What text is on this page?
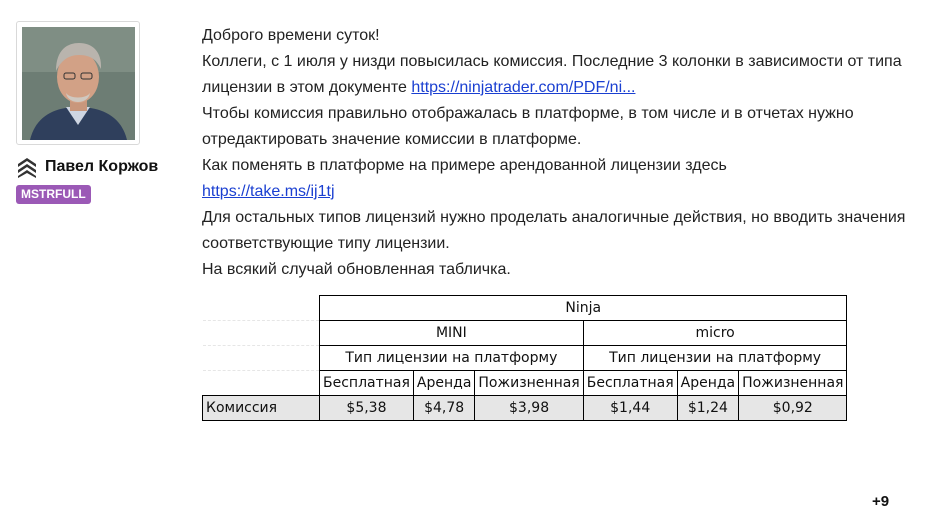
Павел Коржов
MSTRFULL

Доброго времени суток!

Коллеги, с 1 июля у низди повысилась комиссия. Последние 3 колонки в зависимости от типа лицензии в этом документе https://ninjatrader.com/PDF/ni...

Чтобы комиссия правильно отображалась в платформе, в том числе и в отчетах нужно отредактировать значение комиссии в платформе.

Как поменять в платформе на примере арендованной лицензии здесь

https://take.ms/ij1tj

Для остальных типов лицензий нужно проделать аналогичные действия, но вводить значения соответствующие типу лицензии.

На всякий случай обновленная табличка.

	Ninja					
	MINI			micro		
	Тип лицензии на платформу			Тип лицензии на платформу		
	Бесплатная	Аренда	Пожизненная	Бесплатная	Аренда	Пожизненная
Комиссия	$5,38	$4,78	$3,98	$1,44	$1,24	$0,92
+9
